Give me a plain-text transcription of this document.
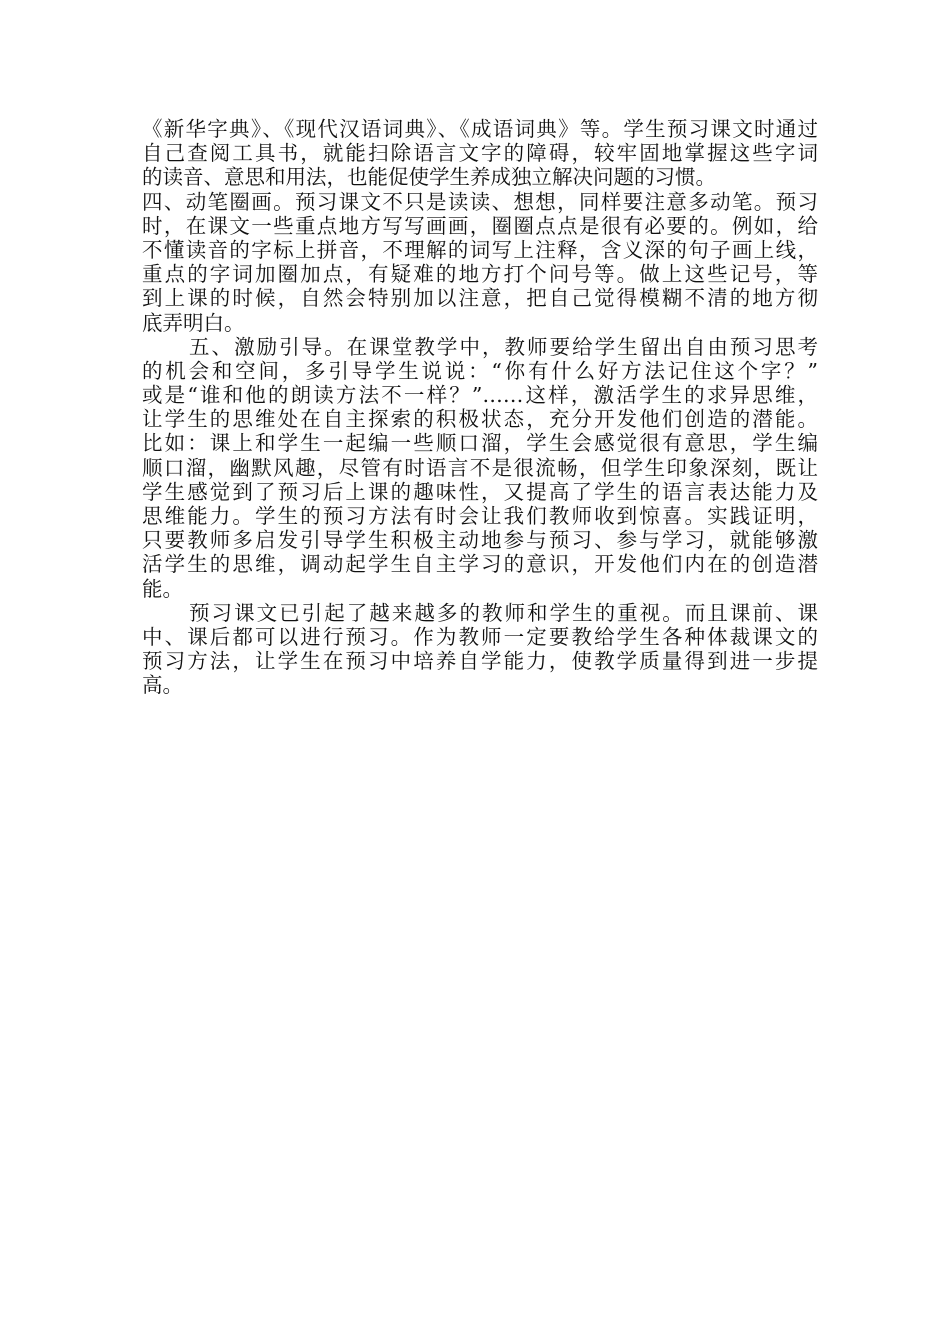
《新华字典》、《现代汉语词典》、《成语词典》等。学生预习课文时通过
自己查阅工具书，就能扫除语言文字的障碍，较牢固地掌握这些字词
的读音、意思和用法，也能促使学生养成独立解决问题的习惯。
四、动笔圈画。预习课文不只是读读、想想，同样要注意多动笔。预习
时，在课文一些重点地方写写画画，圈圈点点是很有必要的。例如，给
不懂读音的字标上拼音，不理解的词写上注释，含义深的句子画上线，
重点的字词加圈加点，有疑难的地方打个问号等。做上这些记号，等
到上课的时候，自然会特别加以注意，把自己觉得模糊不清的地方彻
底弄明白。
五、激励引导。在课堂教学中，教师要给学生留出自由预习思考
的机会和空间，多引导学生说说：“你有什么好方法记住这个字？”
或是“谁和他的朗读方法不一样？”……这样，激活学生的求异思维，
让学生的思维处在自主探索的积极状态，充分开发他们创造的潜能。
比如：课上和学生一起编一些顺口溜，学生会感觉很有意思，学生编
顺口溜，幽默风趣，尽管有时语言不是很流畅，但学生印象深刻，既让
学生感觉到了预习后上课的趣味性，又提高了学生的语言表达能力及
思维能力。学生的预习方法有时会让我们教师收到惊喜。实践证明，
只要教师多启发引导学生积极主动地参与预习、参与学习，就能够激
活学生的思维，调动起学生自主学习的意识，开发他们内在的创造潜
能。
预习课文已引起了越来越多的教师和学生的重视。而且课前、课
中、课后都可以进行预习。作为教师一定要教给学生各种体裁课文的
预习方法，让学生在预习中培养自学能力，使教学质量得到进一步提
高。
